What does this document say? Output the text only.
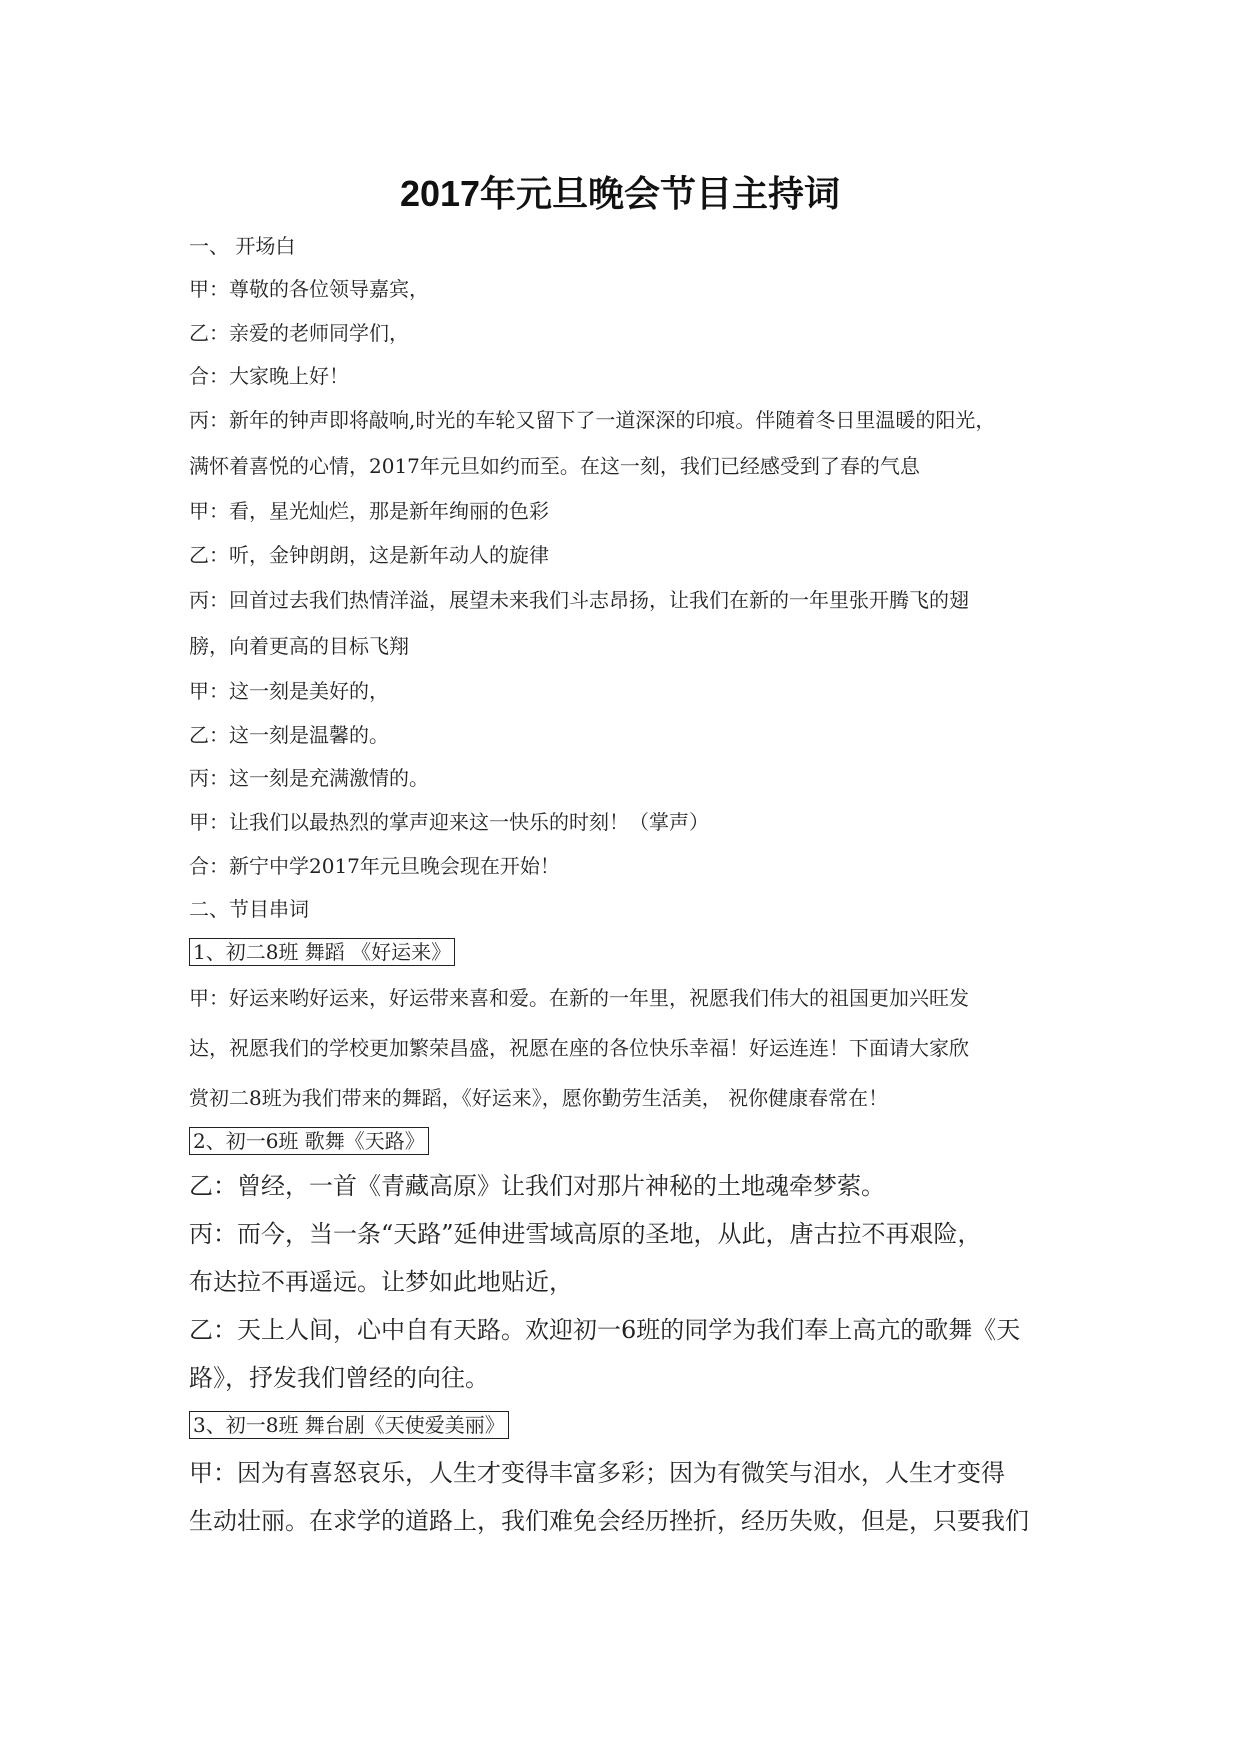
2017年元旦晚会节目主持词
一、 开场白
甲：尊敬的各位领导嘉宾，
乙：亲爱的老师同学们，
合：大家晚上好！
丙：新年的钟声即将敲响,时光的车轮又留下了一道深深的印痕。伴随着冬日里温暖的阳光，
满怀着喜悦的心情，2017年元旦如约而至。在这一刻，我们已经感受到了春的气息
甲：看，星光灿烂，那是新年绚丽的色彩
乙：听，金钟朗朗，这是新年动人的旋律
丙：回首过去我们热情洋溢，展望未来我们斗志昂扬，让我们在新的一年里张开腾飞的翅
膀，向着更高的目标飞翔
甲：这一刻是美好的，
乙：这一刻是温馨的。
丙：这一刻是充满激情的。
甲：让我们以最热烈的掌声迎来这一快乐的时刻！（掌声）
合：新宁中学2017年元旦晚会现在开始！
二、节目串词
1、初二8班 舞蹈 《好运来》
甲：好运来哟好运来，好运带来喜和爱。在新的一年里，祝愿我们伟大的祖国更加兴旺发
达，祝愿我们的学校更加繁荣昌盛，祝愿在座的各位快乐幸福！好运连连！下面请大家欣
赏初二8班为我们带来的舞蹈，《好运来》，愿你勤劳生活美， 祝你健康春常在！
2、初一6班 歌舞《天路》
乙：曾经，一首《青藏高原》让我们对那片神秘的土地魂牵梦萦。
丙：而今，当一条“天路”延伸进雪域高原的圣地，从此，唐古拉不再艰险，
布达拉不再遥远。让梦如此地贴近，
乙：天上人间，心中自有天路。欢迎初一6班的同学为我们奉上高亢的歌舞《天
路》，抒发我们曾经的向往。
3、初一8班 舞台剧《天使爱美丽》
甲：因为有喜怒哀乐，人生才变得丰富多彩；因为有微笑与泪水，人生才变得
生动壮丽。在求学的道路上，我们难免会经历挫折，经历失败，但是，只要我们
